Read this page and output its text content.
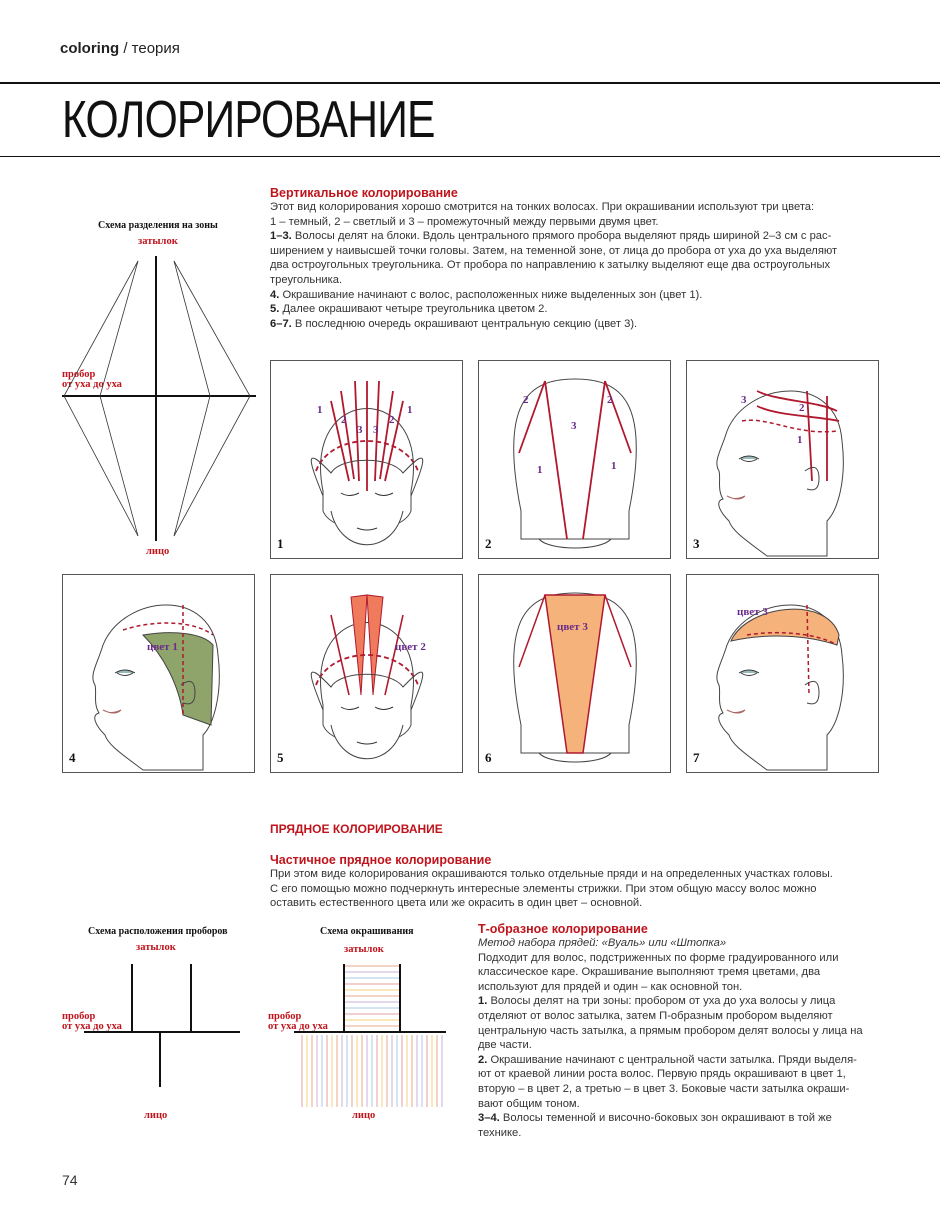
coloring / теория
КОЛОРИРОВАНИЕ
Вертикальное колорирование
Этот вид колорирования хорошо смотрится на тонких волосах. При окрашивании используют три цвета:
1 – темный, 2 – светлый и 3 – промежуточный между первыми двумя цвет.
1–3. Волосы делят на блоки. Вдоль центрального прямого пробора выделяют прядь шириной 2–3 см с рас-
ширением у наивысшей точки головы. Затем, на теменной зоне, от лица до пробора от уха до уха выделяют
два остроугольных треугольника. От пробора по направлению к затылку выделяют еще два остроугольных
треугольника.
4. Окрашивание начинают с волос, расположенных ниже выделенных зон (цвет 1).
5. Далее окрашивают четыре треугольника цветом 2.
6–7. В последнюю очередь окрашивают центральную секцию (цвет 3).
Схема разделения на зоны
затылок
пробор
от уха до уха
лицо
1
2
3 3
2
1
1
2
3
2
1	1
2
3
2
1
3
цвет 1
4
цвет 2
5
цвет 3
6
цвет 3
7
ПРЯДНОЕ КОЛОРИРОВАНИЕ
Частичное прядное колорирование
При этом виде колорирования окрашиваются только отдельные пряди и на определенных участках головы.
С его помощью можно подчеркнуть интересные элементы стрижки. При этом общую массу волос можно
оставить естественного цвета или же окрасить в один цвет – основной.
Схема расположения проборов
затылок
пробор
от уха до уха
лицо
Схема окрашивания
затылок
пробор
от уха до уха
лицо
Т-образное колорирование
Метод набора прядей: «Вуаль» или «Штопка»
Подходит для волос, подстриженных по форме градуированного или
классическое каре. Окрашивание выполняют тремя цветами, два
используют для прядей и один – как основной тон.
1. Волосы делят на три зоны: пробором от уха до уха волосы у лица
отделяют от волос затылка, затем П-образным пробором выделяют
центральную часть затылка, а прямым пробором делят волосы у лица на
две части.
2. Окрашивание начинают с центральной части затылка. Пряди выделя-
ют от краевой линии роста волос. Первую прядь окрашивают в цвет 1,
вторую – в цвет 2, а третью – в цвет 3. Боковые части затылка окраши-
вают общим тоном.
3–4. Волосы теменной и височно-боковых зон окрашивают в той же
технике.
74
